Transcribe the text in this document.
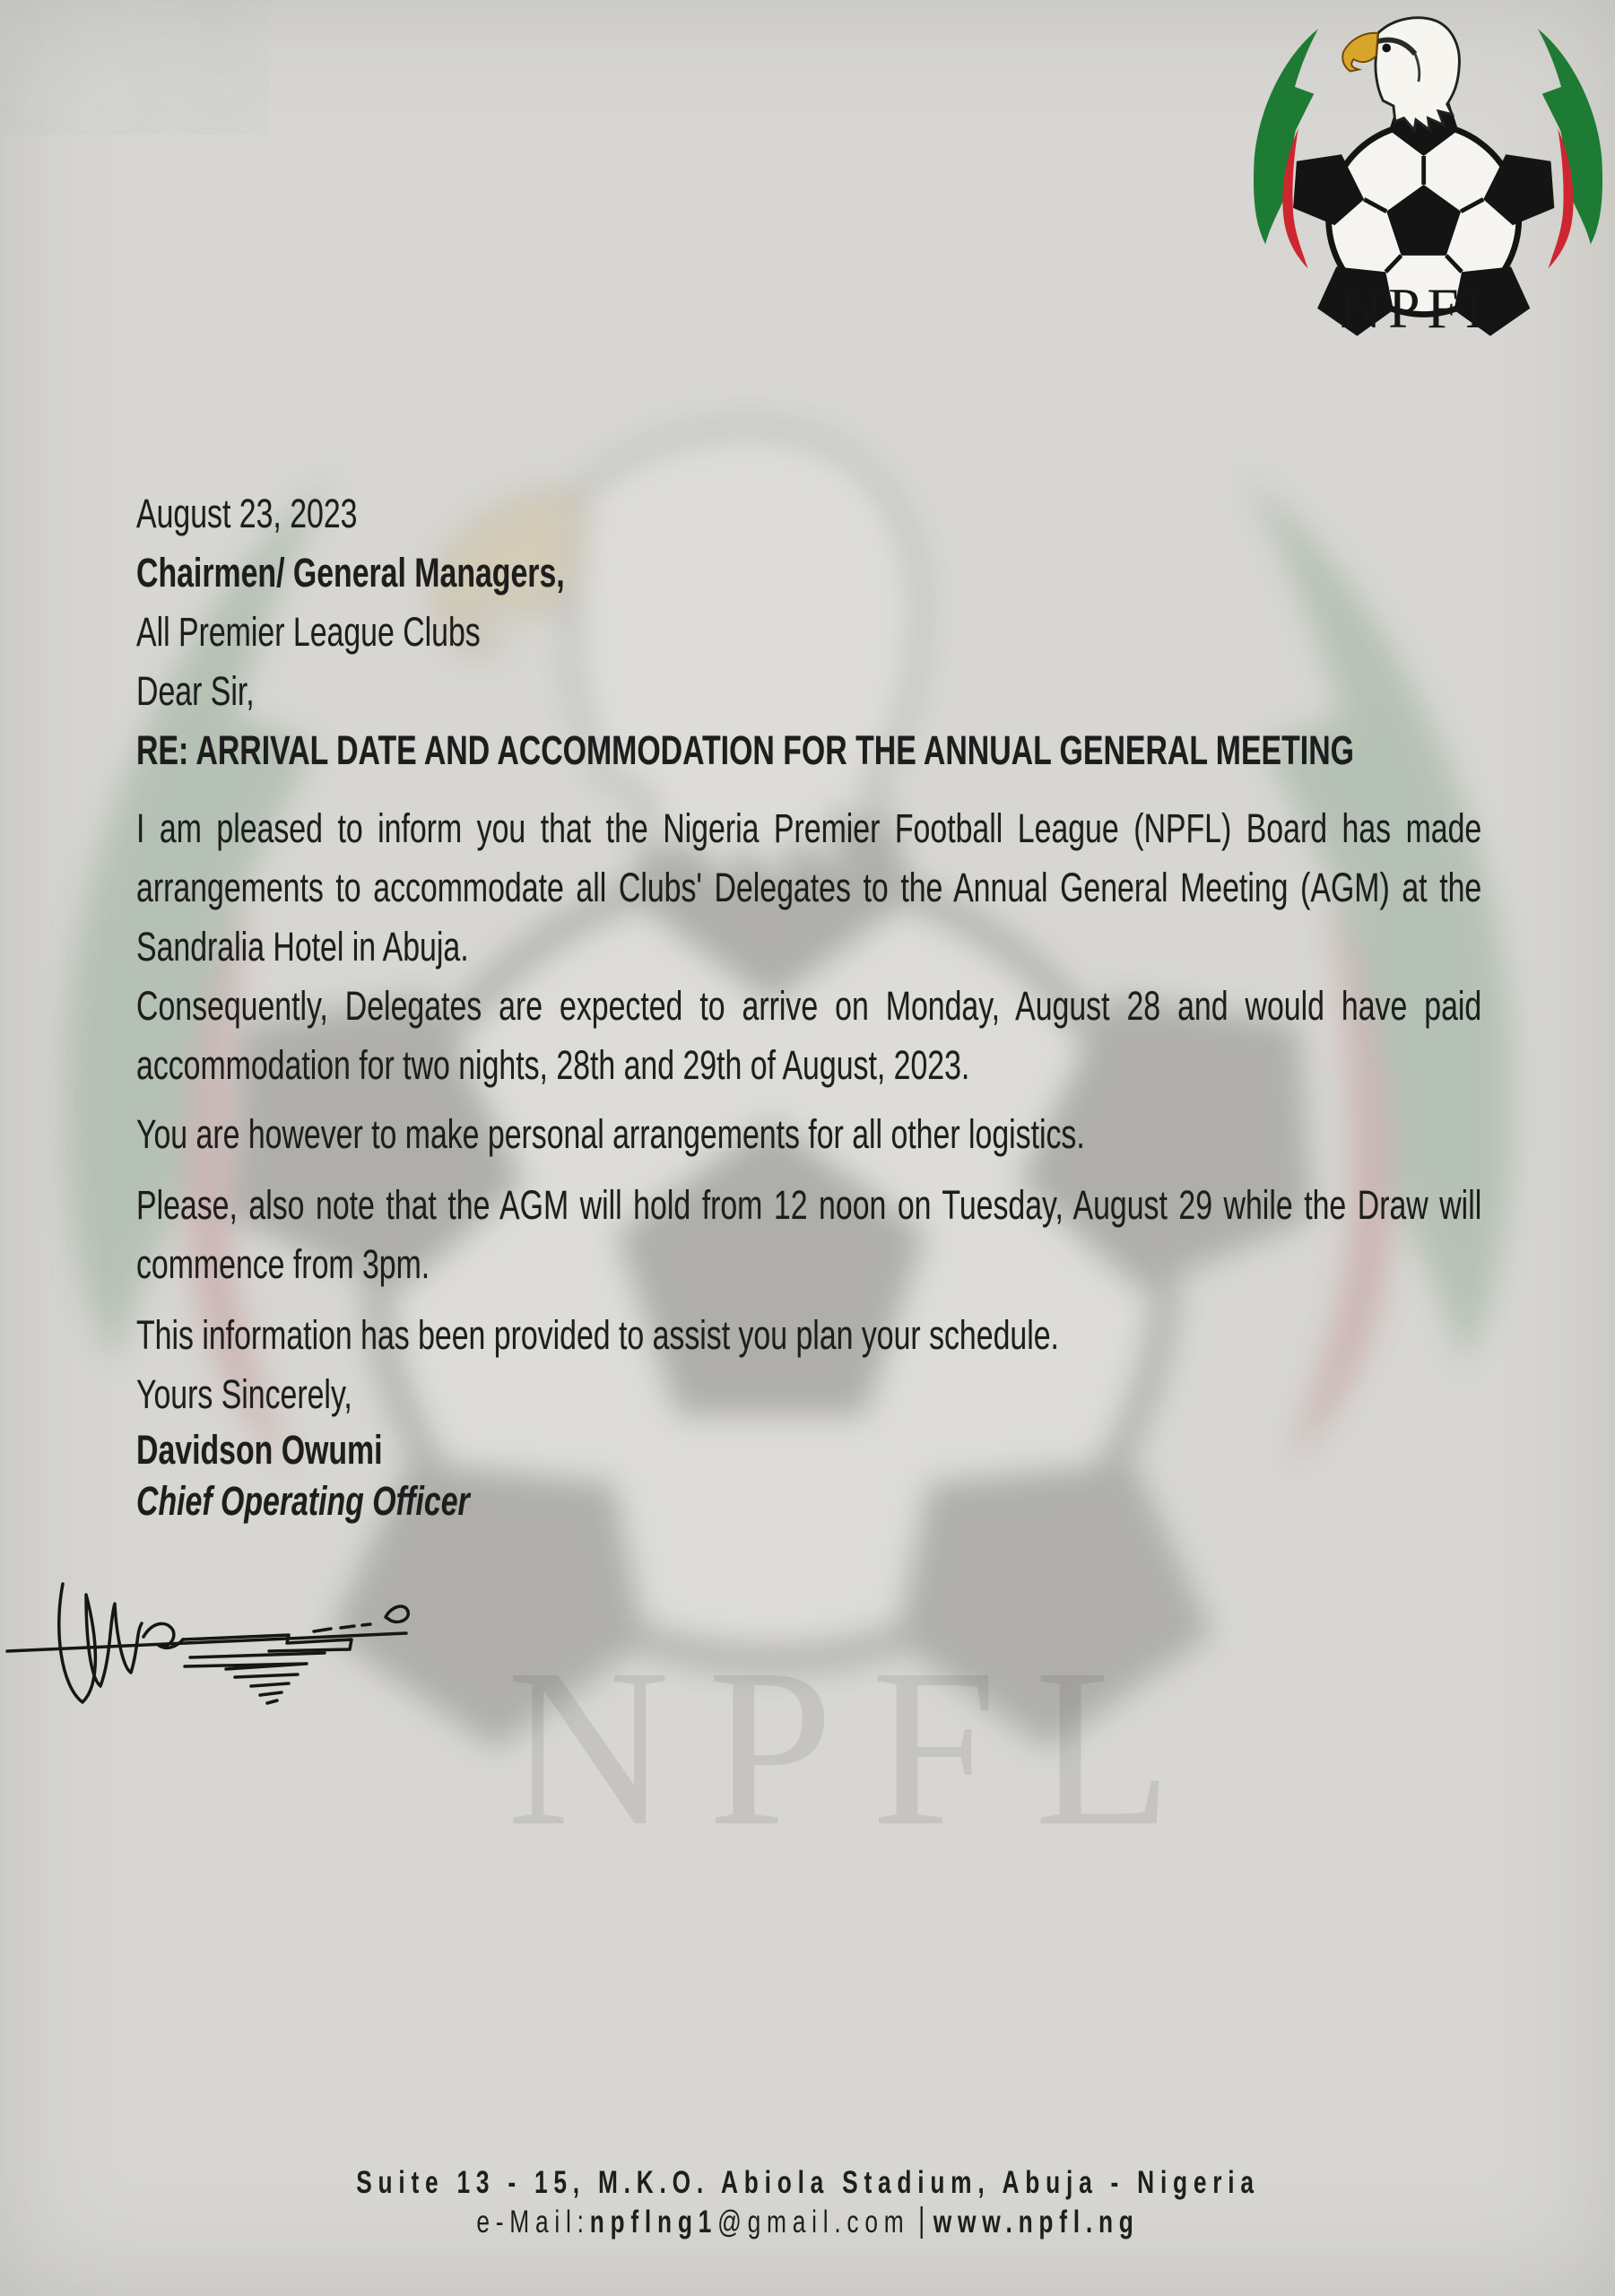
NPFL
NPFL

August 23, 2023

Chairmen/ General Managers,

All Premier League Clubs

Dear Sir,

RE: ARRIVAL DATE AND ACCOMMODATION FOR THE ANNUAL GENERAL MEETING

I am pleased to inform you that the Nigeria Premier Football League (NPFL) Board has made arrangements to accommodate all Clubs' Delegates to the Annual General Meeting (AGM) at the Sandralia Hotel in Abuja.

Consequently, Delegates are expected to arrive on Monday, August 28 and would have paid accommodation for two nights, 28th and 29th of August, 2023.

You are however to make personal arrangements for all other logistics.

Please, also note that the AGM will hold from 12 noon on Tuesday, August 29 while the Draw will commence from 3pm.

This information has been provided to assist you plan your schedule.

Yours Sincerely,

Davidson Owumi

Chief Operating Officer

Suite 13 - 15, M.K.O. Abiola Stadium, Abuja - Nigeria
e-Mail:npflng1@gmail.com www.npfl.ng
